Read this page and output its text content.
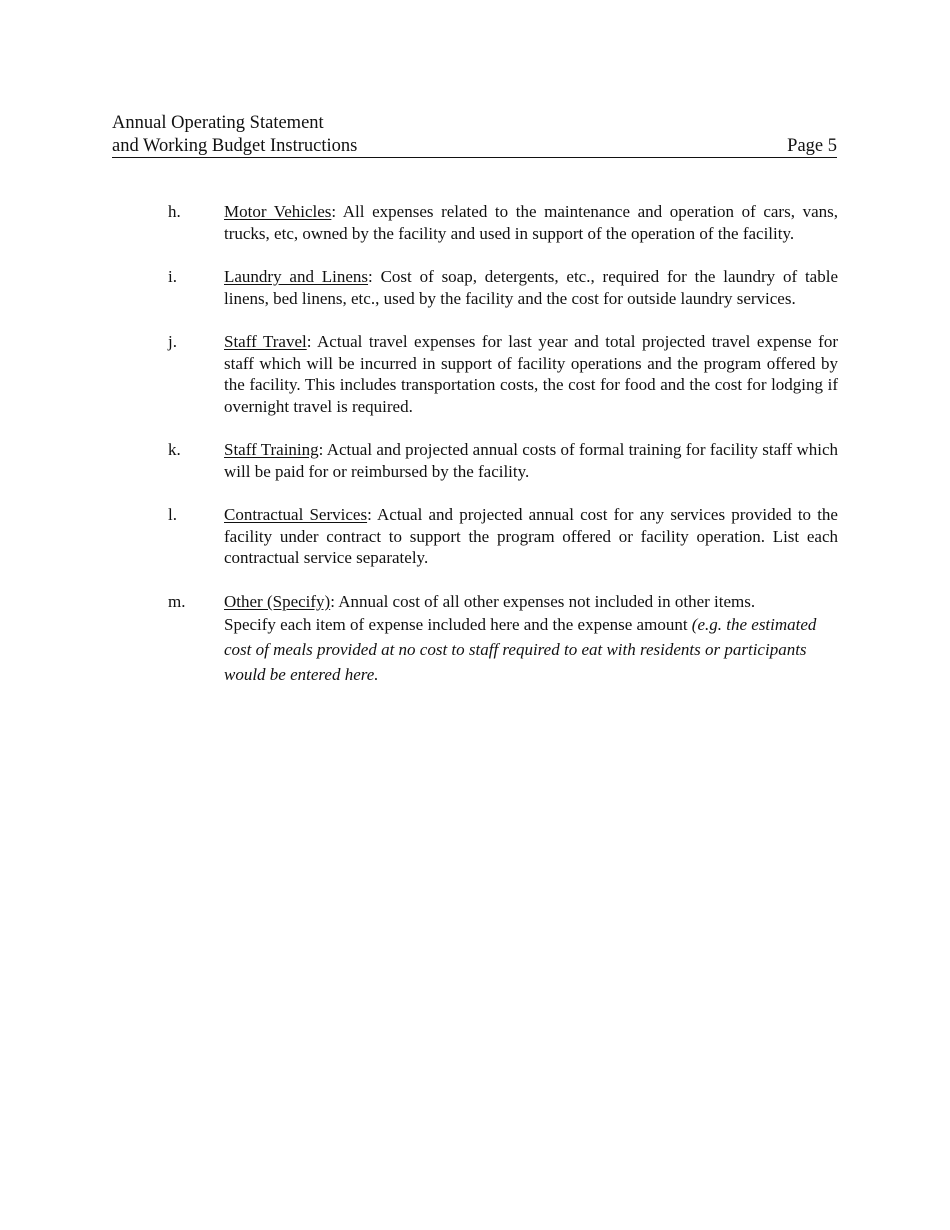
Annual Operating Statement
and Working Budget Instructions	Page 5
h.	Motor Vehicles: All expenses related to the maintenance and operation of cars, vans, trucks, etc, owned by the facility and used in support of the operation of the facility.
i.	Laundry and Linens: Cost of soap, detergents, etc., required for the laundry of table linens, bed linens, etc., used by the facility and the cost for outside laundry services.
j.	Staff Travel: Actual travel expenses for last year and total projected travel expense for staff which will be incurred in support of facility operations and the program offered by the facility. This includes transportation costs, the cost for food and the cost for lodging if overnight travel is required.
k.	Staff Training: Actual and projected annual costs of formal training for facility staff which will be paid for or reimbursed by the facility.
l.	Contractual Services: Actual and projected annual cost for any services provided to the facility under contract to support the program offered or facility operation. List each contractual service separately.
m.	Other (Specify): Annual cost of all other expenses not included in other items.
Specify each item of expense included here and the expense amount (e.g. the estimated cost of meals provided at no cost to staff required to eat with residents or participants would be entered here.
